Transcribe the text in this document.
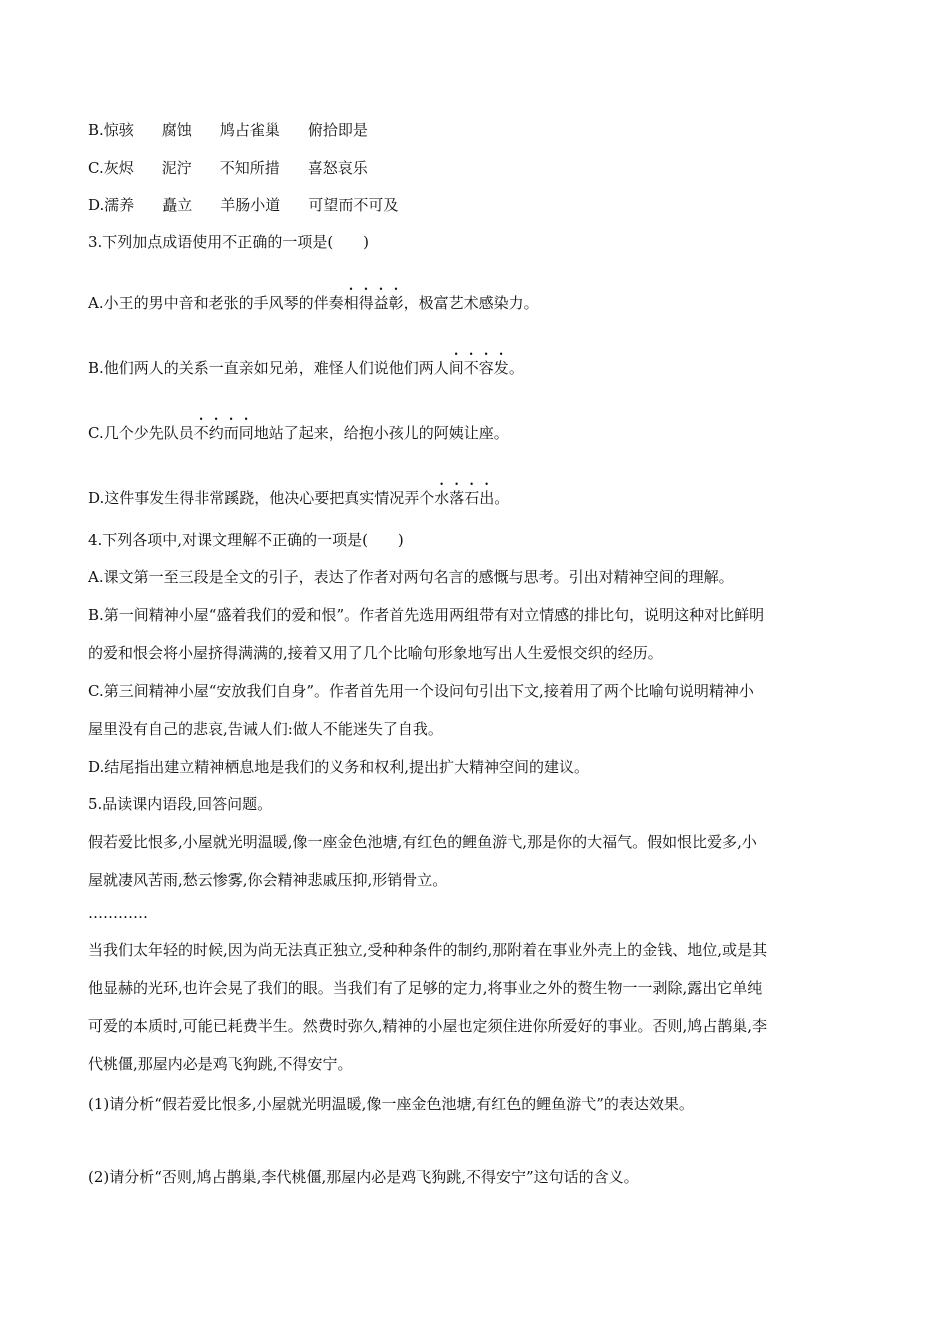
B.惊骇 腐蚀 鸠占雀巢 俯拾即是
C.灰烬 泥泞 不知所措 喜怒哀乐
D.濡养 矗立 羊肠小道 可望而不可及
3.下列加点成语使用不正确的一项是(　　)
A.小王的男中音和老张的手风琴的伴奏相得益彰，极富艺术感染力。
B.他们两人的关系一直亲如兄弟，难怪人们说他们两人间不容发。
C.几个少先队员不约而同地站了起来，给抱小孩儿的阿姨让座。
D.这件事发生得非常蹊跷，他决心要把真实情况弄个水落石出。
4.下列各项中,对课文理解不正确的一项是(　　)
A.课文第一至三段是全文的引子，表达了作者对两句名言的感慨与思考。引出对精神空间的理解。
B.第一间精神小屋“盛着我们的爱和恨”。作者首先选用两组带有对立情感的排比句，说明这种对比鲜明
的爱和恨会将小屋挤得满满的,接着又用了几个比喻句形象地写出人生爱恨交织的经历。
C.第三间精神小屋“安放我们自身”。作者首先用一个设问句引出下文,接着用了两个比喻句说明精神小
屋里没有自己的悲哀,告诫人们:做人不能迷失了自我。
D.结尾指出建立精神栖息地是我们的义务和权利,提出扩大精神空间的建议。
5.品读课内语段,回答问题。
假若爱比恨多,小屋就光明温暖,像一座金色池塘,有红色的鲤鱼游弋,那是你的大福气。假如恨比爱多,小
屋就凄风苦雨,愁云惨雾,你会精神悲戚压抑,形销骨立。
…………
当我们太年轻的时候,因为尚无法真正独立,受种种条件的制约,那附着在事业外壳上的金钱、地位,或是其
他显赫的光环,也许会晃了我们的眼。当我们有了足够的定力,将事业之外的赘生物一一剥除,露出它单纯
可爱的本质时,可能已耗费半生。然费时弥久,精神的小屋也定须住进你所爱好的事业。否则,鸠占鹊巢,李
代桃僵,那屋内必是鸡飞狗跳,不得安宁。
(1)请分析“假若爱比恨多,小屋就光明温暖,像一座金色池塘,有红色的鲤鱼游弋”的表达效果。
(2)请分析“否则,鸠占鹊巢,李代桃僵,那屋内必是鸡飞狗跳,不得安宁”这句话的含义。
